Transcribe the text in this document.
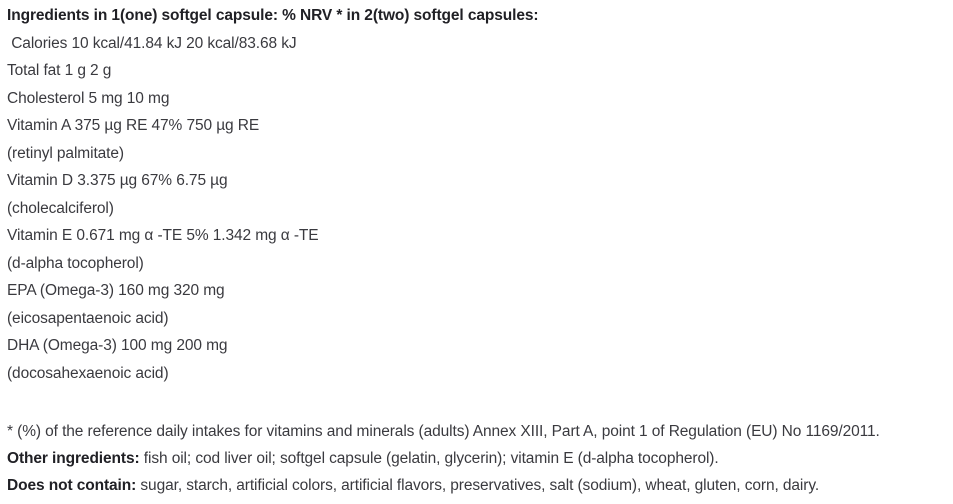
Ingredients in 1(one) softgel capsule: % NRV * in 2(two) softgel capsules:

Calories 10 kcal/41.84 kJ 20 kcal/83.68 kJ

Total fat 1 g 2 g

Cholesterol 5 mg 10 mg

Vitamin A 375 µg RE 47% 750 µg RE

(retinyl palmitate)

Vitamin D 3.375 µg 67% 6.75 µg

(cholecalciferol)

Vitamin E 0.671 mg α -TE 5% 1.342 mg α -TE

(d-alpha tocopherol)

EPA (Omega-3) 160 mg 320 mg

(eicosapentaenoic acid)

DHA (Omega-3) 100 mg 200 mg

(docosahexaenoic acid)

* (%) of the reference daily intakes for vitamins and minerals (adults) Annex XIII, Part A, point 1 of Regulation (EU) No 1169/2011.

Other ingredients: fish oil; cod liver oil; softgel capsule (gelatin, glycerin); vitamin E (d-alpha tocopherol).

Does not contain: sugar, starch, artificial colors, artificial flavors, preservatives, salt (sodium), wheat, gluten, corn, dairy.
